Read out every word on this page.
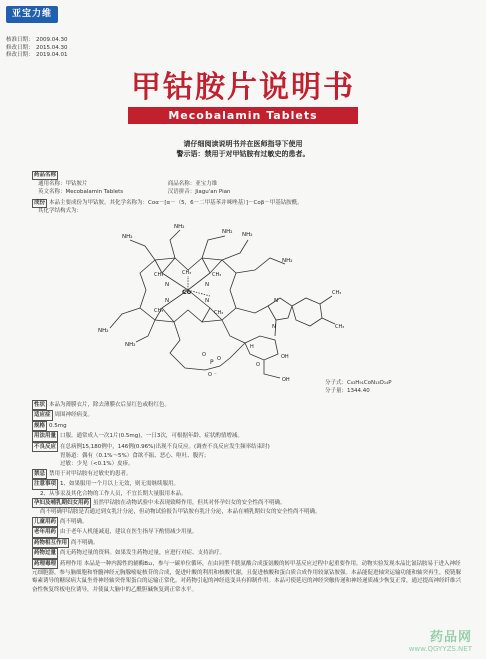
亚宝力维
核准日期： 2009.04.30
修改日期： 2015.04.30
修改日期： 2019.04.01
甲钴胺片说明书
Mecobalamin Tablets
请仔细阅读说明书并在医师指导下使用
警示语：禁用于对甲钴胺有过敏史的患者。
药品名称
通用名称：甲钴胺片	商品名称：亚宝力维
英文名称：Mecobalamin Tablets	汉语拼音：Jiagu'an Pian
成份 本品主要成份为甲钴胺。其化学名称为：Coα－[α－（5，6－二甲基苯并咪唑基）]－Coβ－甲基钴胺酰。
其化学结构式为：
Co
CH₃
NH₂
NH₂
NH₂ NH₂
NH₂
NH₂
NH₂
CH₃	CH₃
CH₃	CH₃
CH₃
CH₃
N	N
N	N	N
N
P O
O
O ⁻
O
OH
OH
H
分子式：C₆₃H₉₁CoN₁₃O₁₄P
分子量：1344.40

性状 本品为薄膜衣片，除去薄膜衣后显红色或粉红色。

适应症 周围神经病变。

规格 0.5mg

用法用量 口服。通常成人一次1片(0.5mg)，一日3次，可根据年龄、症状酌情增减。

不良反应 在总病例15,180例中，146例(0.96%)出现不良反应。(调查不良反应发生频率结束时)

胃肠道：偶有（0.1%～5%）食欲不振、恶心、呕吐、腹泻；

过敏：少见（<0.1%）皮疹。

禁忌 禁用于对甲钴胺有过敏史的患者。

注意事项 1、如果服用一个月以上无效，则无需继续服用。

2、从事汞及其化合物的工作人员，不宜长期大量服用本品。

孕妇及哺乳期妇女用药 虽然甲钴胺在动物试验中未表现致畸作用，但其对怀孕妇女的安全性尚不明确。

尚不明确甲钴胺是否通过到女乳汁分泌，但动物试验报告甲钴胺有乳汁分泌，本品在哺乳期妇女的安全性尚不明确。

儿童用药 尚不明确。

老年用药 由于老年人机能减退，建议在医生指导下酌情减少用量。

药物相互作用 尚不明确。

药物过量 尚无药物过量的资料。如果发生药物过量，应进行对症、支持治疗。

药理毒理 药理作用 本品是一种内源性的辅酶B₁₂，参与一碳单位循环，在由同型半胱氨酸合成蛋氨酸的转甲基反应过程中起重要作用。动物实验发现本品比氰钴胺易于进入神经元细胞器，参与脑细胞和脊髓神经元胸腺嘧啶核苷的合成，促进叶酸的利用和核酸代谢，且促进核酸和蛋白质合成作用较氰钴胺强。本品能促进轴突运输功能和轴突再生，使链脲霉素诱导的糖尿病大鼠坐骨神经轴突骨架蛋白的运输正常化。对药物引起的神经退变具有抑制作用。本品可使延迟的神经突触传递和神经递质减少恢复正常，通过提高神经纤维兴奋性恢复终板电位诱导，并使鼠大脑中的乙酰胆碱恢复到正常水平。

药品网
www.QGYYZS.NET
